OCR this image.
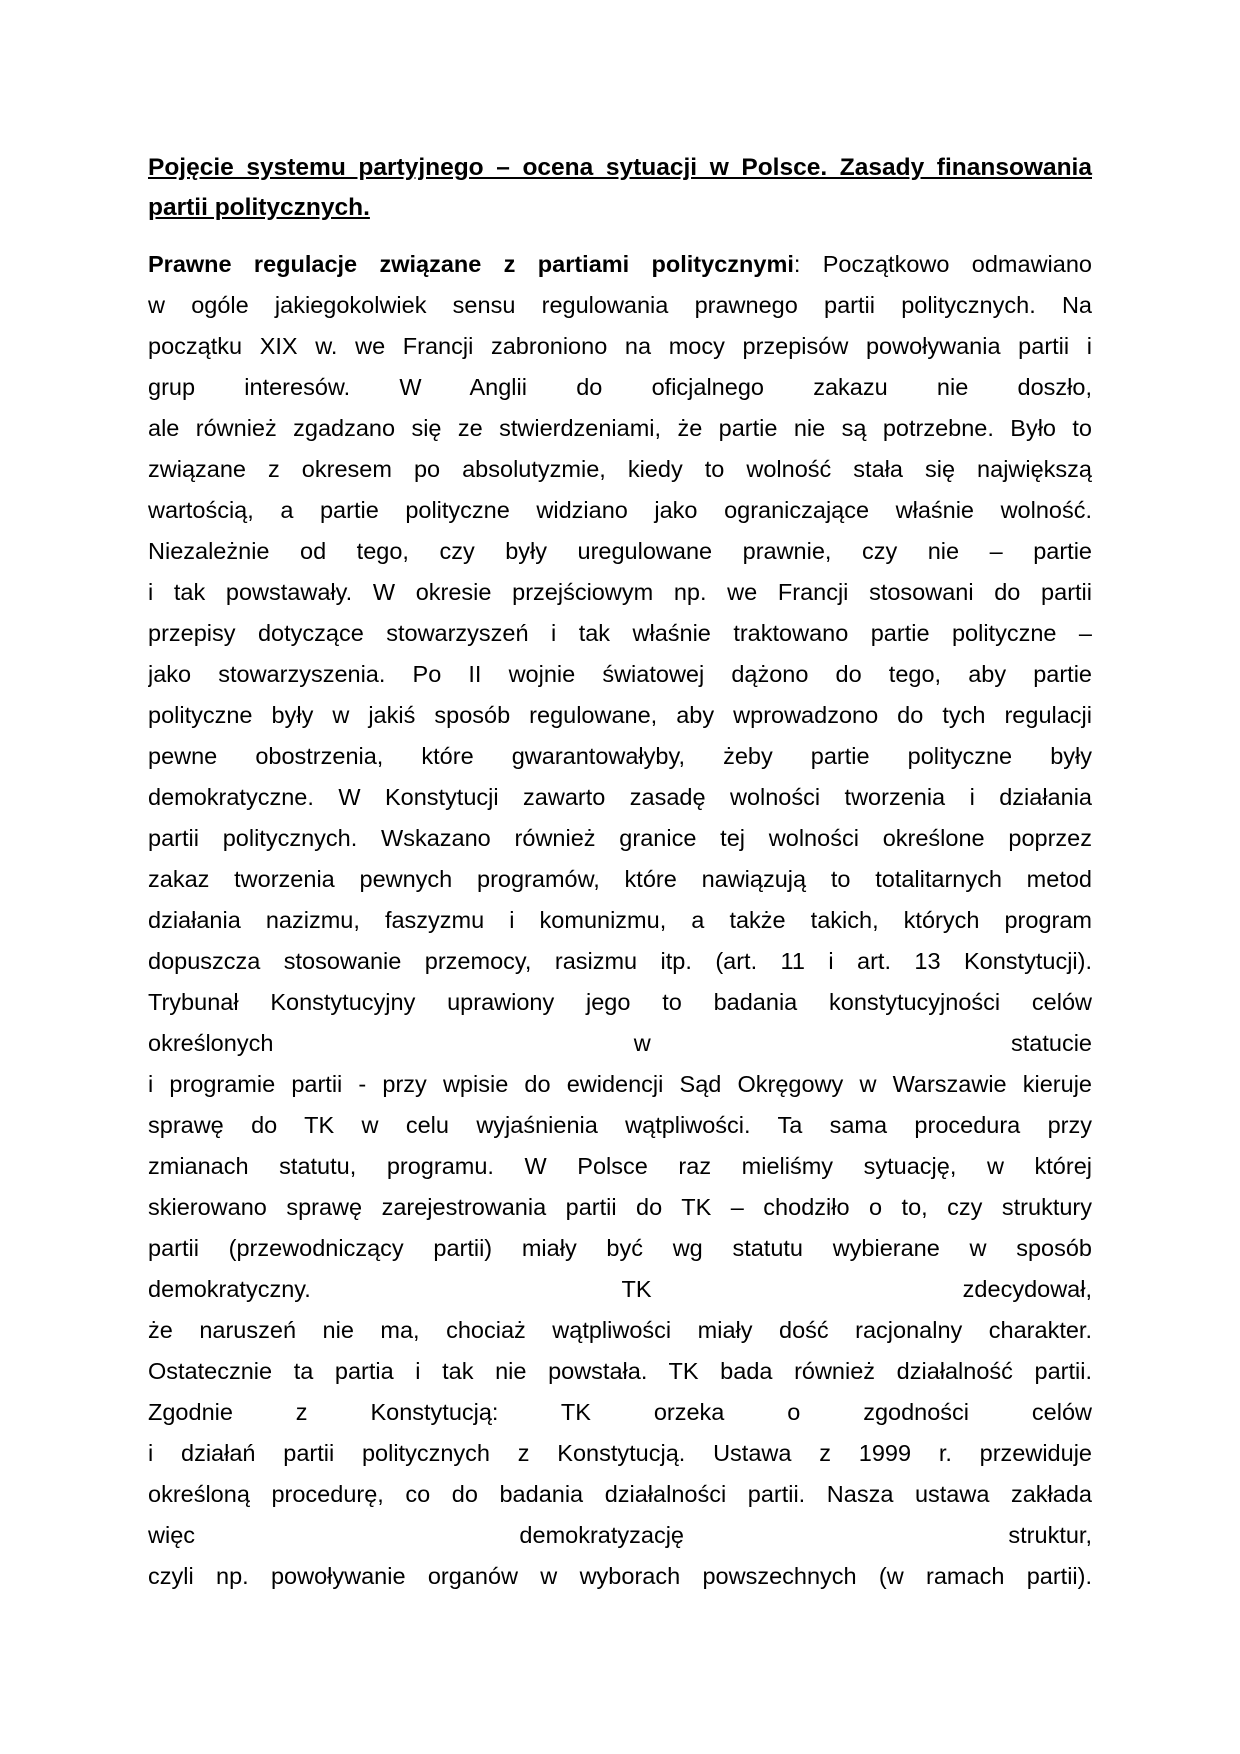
Pojęcie systemu partyjnego – ocena sytuacji w Polsce. Zasady finansowania partii politycznych.
Prawne regulacje związane z partiami politycznymi: Początkowo odmawiano
w ogóle jakiegokolwiek sensu regulowania prawnego partii politycznych. Na
początku XIX w. we Francji zabroniono na mocy przepisów powoływania partii i
grup interesów. W Anglii do oficjalnego zakazu nie doszło,
ale również zgadzano się ze stwierdzeniami, że partie nie są potrzebne. Było to
związane z okresem po absolutyzmie, kiedy to wolność stała się największą
wartością, a partie polityczne widziano jako ograniczające właśnie wolność.
Niezależnie od tego, czy były uregulowane prawnie, czy nie – partie
i tak powstawały. W okresie przejściowym np. we Francji stosowani do partii
przepisy dotyczące stowarzyszeń i tak właśnie traktowano partie polityczne –
jako stowarzyszenia. Po II wojnie światowej dążono do tego, aby partie
polityczne były w jakiś sposób regulowane, aby wprowadzono do tych regulacji
pewne obostrzenia, które gwarantowałyby, żeby partie polityczne były
demokratyczne. W Konstytucji zawarto zasadę wolności tworzenia i działania
partii politycznych. Wskazano również granice tej wolności określone poprzez
zakaz tworzenia pewnych programów, które nawiązują to totalitarnych metod
działania nazizmu, faszyzmu i komunizmu, a także takich, których program
dopuszcza stosowanie przemocy, rasizmu itp. (art. 11 i art. 13 Konstytucji).
Trybunał Konstytucyjny uprawiony jego to badania konstytucyjności celów
określonych w statucie
i programie partii - przy wpisie do ewidencji Sąd Okręgowy w Warszawie kieruje
sprawę do TK w celu wyjaśnienia wątpliwości. Ta sama procedura przy
zmianach statutu, programu. W Polsce raz mieliśmy sytuację, w której
skierowano sprawę zarejestrowania partii do TK – chodziło o to, czy struktury
partii (przewodniczący partii) miały być wg statutu wybierane w sposób
demokratyczny. TK zdecydował,
że naruszeń nie ma, chociaż wątpliwości miały dość racjonalny charakter.
Ostatecznie ta partia i tak nie powstała. TK bada również działalność partii.
Zgodnie z Konstytucją: TK orzeka o zgodności celów
i działań partii politycznych z Konstytucją. Ustawa z 1999 r. przewiduje
określoną procedurę, co do badania działalności partii. Nasza ustawa zakłada
więc demokratyzację struktur,
czyli np. powoływanie organów w wyborach powszechnych (w ramach partii).
